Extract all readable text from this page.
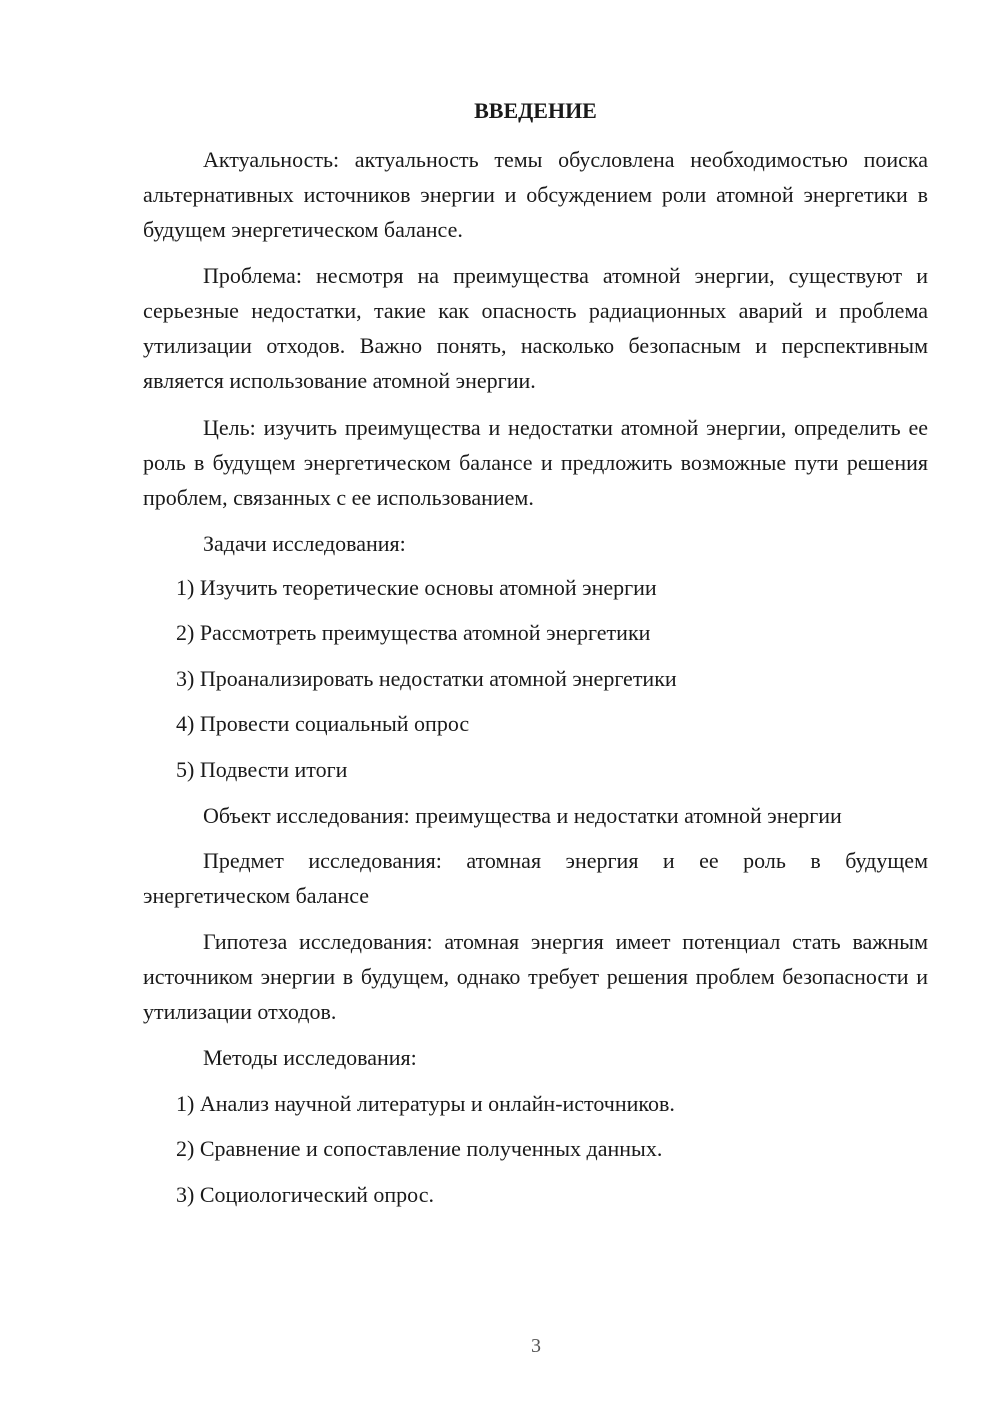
ВВЕДЕНИЕ

Актуальность: актуальность темы обусловлена необходимостью поиска альтернативных источников энергии и обсуждением роли атомной энергетики в будущем энергетическом балансе.

Проблема: несмотря на преимущества атомной энергии, существуют и серьезные недостатки, такие как опасность радиационных аварий и проблема утилизации отходов. Важно понять, насколько безопасным и перспективным является использование атомной энергии.

Цель: изучить преимущества и недостатки атомной энергии, определить ее роль в будущем энергетическом балансе и предложить возможные пути решения проблем, связанных с ее использованием.

Задачи исследования:

1) Изучить теоретические основы атомной энергии

2) Рассмотреть преимущества атомной энергетики

3) Проанализировать недостатки атомной энергетики

4) Провести социальный опрос

5) Подвести итоги

Объект исследования: преимущества и недостатки атомной энергии

Предмет исследования: атомная энергия и ее роль в будущем энергетическом балансе

Гипотеза исследования: атомная энергия имеет потенциал стать важным источником энергии в будущем, однако требует решения проблем безопасности и утилизации отходов.

Методы исследования:

1) Анализ научной литературы и онлайн-источников.

2) Сравнение и сопоставление полученных данных.

3) Социологический опрос.

3
